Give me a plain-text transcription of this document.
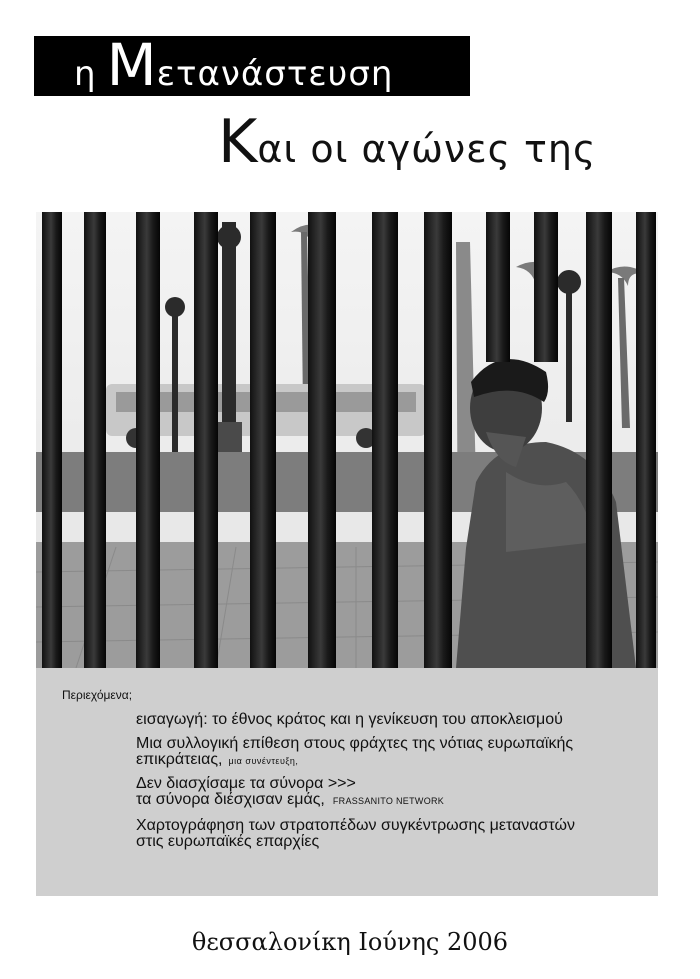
η Μετανάστευση
Και οι αγώνες της
Περιεχόμενα;
εισαγωγή: το έθνος κράτος και η γενίκευση του αποκλεισμού
Μια συλλογική επίθεση στους φράχτες της νότιας ευρωπαϊκής
επικράτειας, μια συνέντευξη,
Δεν διασχίσαμε τα σύνορα >>>
τα σύνορα διέσχισαν εμάς, FRASSANITO NETWORK
Χαρτογράφηση των στρατοπέδων συγκέντρωσης μεταναστών
στις ευρωπαϊκές επαρχίες
θεσσαλονίκη Ιούνης 2006
